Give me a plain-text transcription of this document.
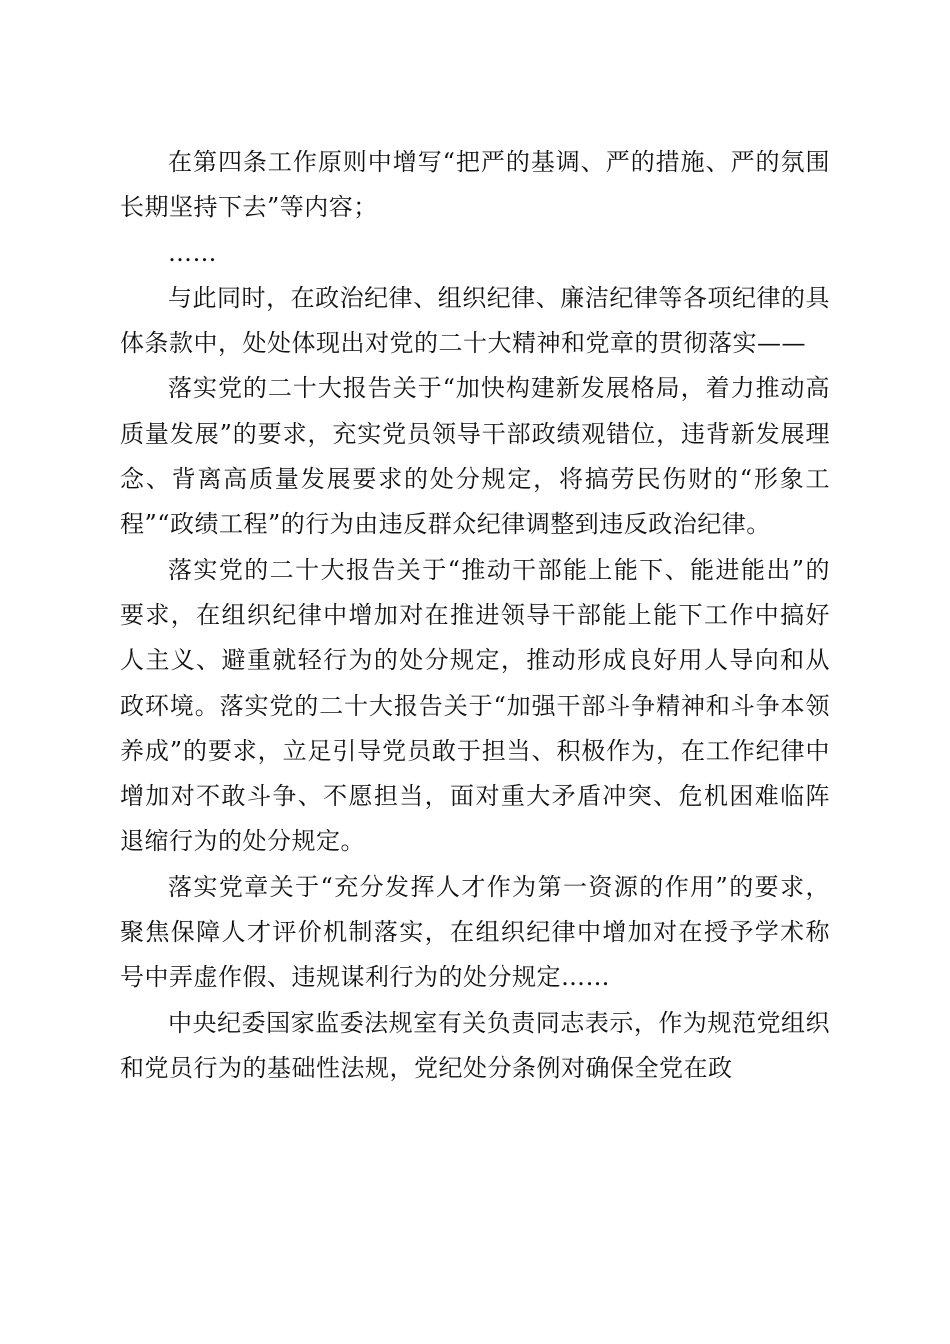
在第四条工作原则中增写“把严的基调、严的措施、严的氛围长期坚持下去”等内容；

……

与此同时，在政治纪律、组织纪律、廉洁纪律等各项纪律的具体条款中，处处体现出对党的二十大精神和党章的贯彻落实——

落实党的二十大报告关于“加快构建新发展格局，着力推动高质量发展”的要求，充实党员领导干部政绩观错位，违背新发展理念、背离高质量发展要求的处分规定，将搞劳民伤财的“形象工程”“政绩工程”的行为由违反群众纪律调整到违反政治纪律。

落实党的二十大报告关于“推动干部能上能下、能进能出”的要求，在组织纪律中增加对在推进领导干部能上能下工作中搞好人主义、避重就轻行为的处分规定，推动形成良好用人导向和从政环境。落实党的二十大报告关于“加强干部斗争精神和斗争本领养成”的要求，立足引导党员敢于担当、积极作为，在工作纪律中增加对不敢斗争、不愿担当，面对重大矛盾冲突、危机困难临阵退缩行为的处分规定。

落实党章关于“充分发挥人才作为第一资源的作用”的要求，聚焦保障人才评价机制落实，在组织纪律中增加对在授予学术称号中弄虚作假、违规谋利行为的处分规定……

中央纪委国家监委法规室有关负责同志表示，作为规范党组织和党员行为的基础性法规，党纪处分条例对确保全党在政
